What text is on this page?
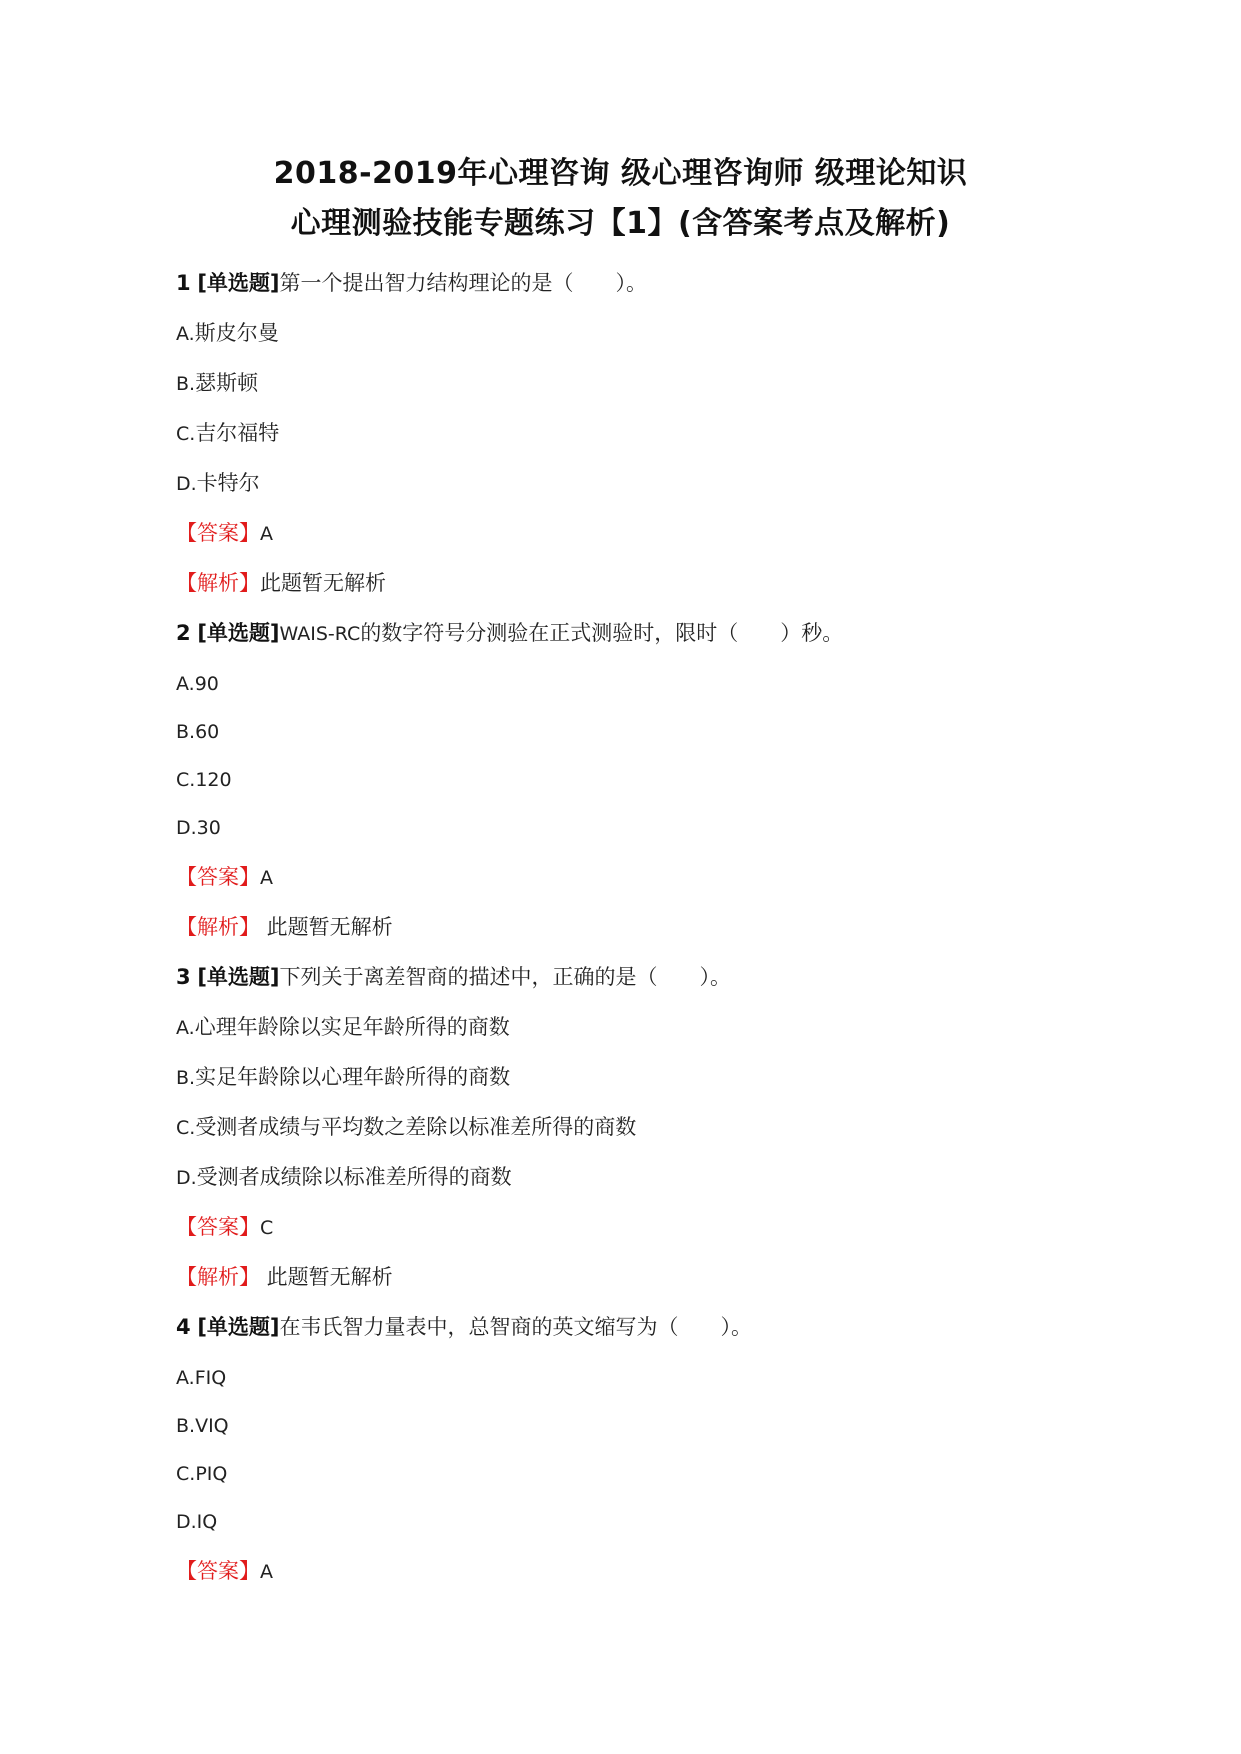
2018-2019年心理咨询 级心理咨询师 级理论知识
心理测验技能专题练习【1】(含答案考点及解析)
1 [单选题]第一个提出智力结构理论的是（　　）。
A.斯皮尔曼
B.瑟斯顿
C.吉尔福特
D.卡特尔
【答案】A
【解析】此题暂无解析
2 [单选题]WAIS-RC的数字符号分测验在正式测验时，限时（　　）秒。
A.90
B.60
C.120
D.30
【答案】A
【解析】 此题暂无解析
3 [单选题]下列关于离差智商的描述中，正确的是（　　）。
A.心理年龄除以实足年龄所得的商数
B.实足年龄除以心理年龄所得的商数
C.受测者成绩与平均数之差除以标准差所得的商数
D.受测者成绩除以标准差所得的商数
【答案】C
【解析】 此题暂无解析
4 [单选题]在韦氏智力量表中，总智商的英文缩写为（　　）。
A.FIQ
B.VIQ
C.PIQ
D.IQ
【答案】A
